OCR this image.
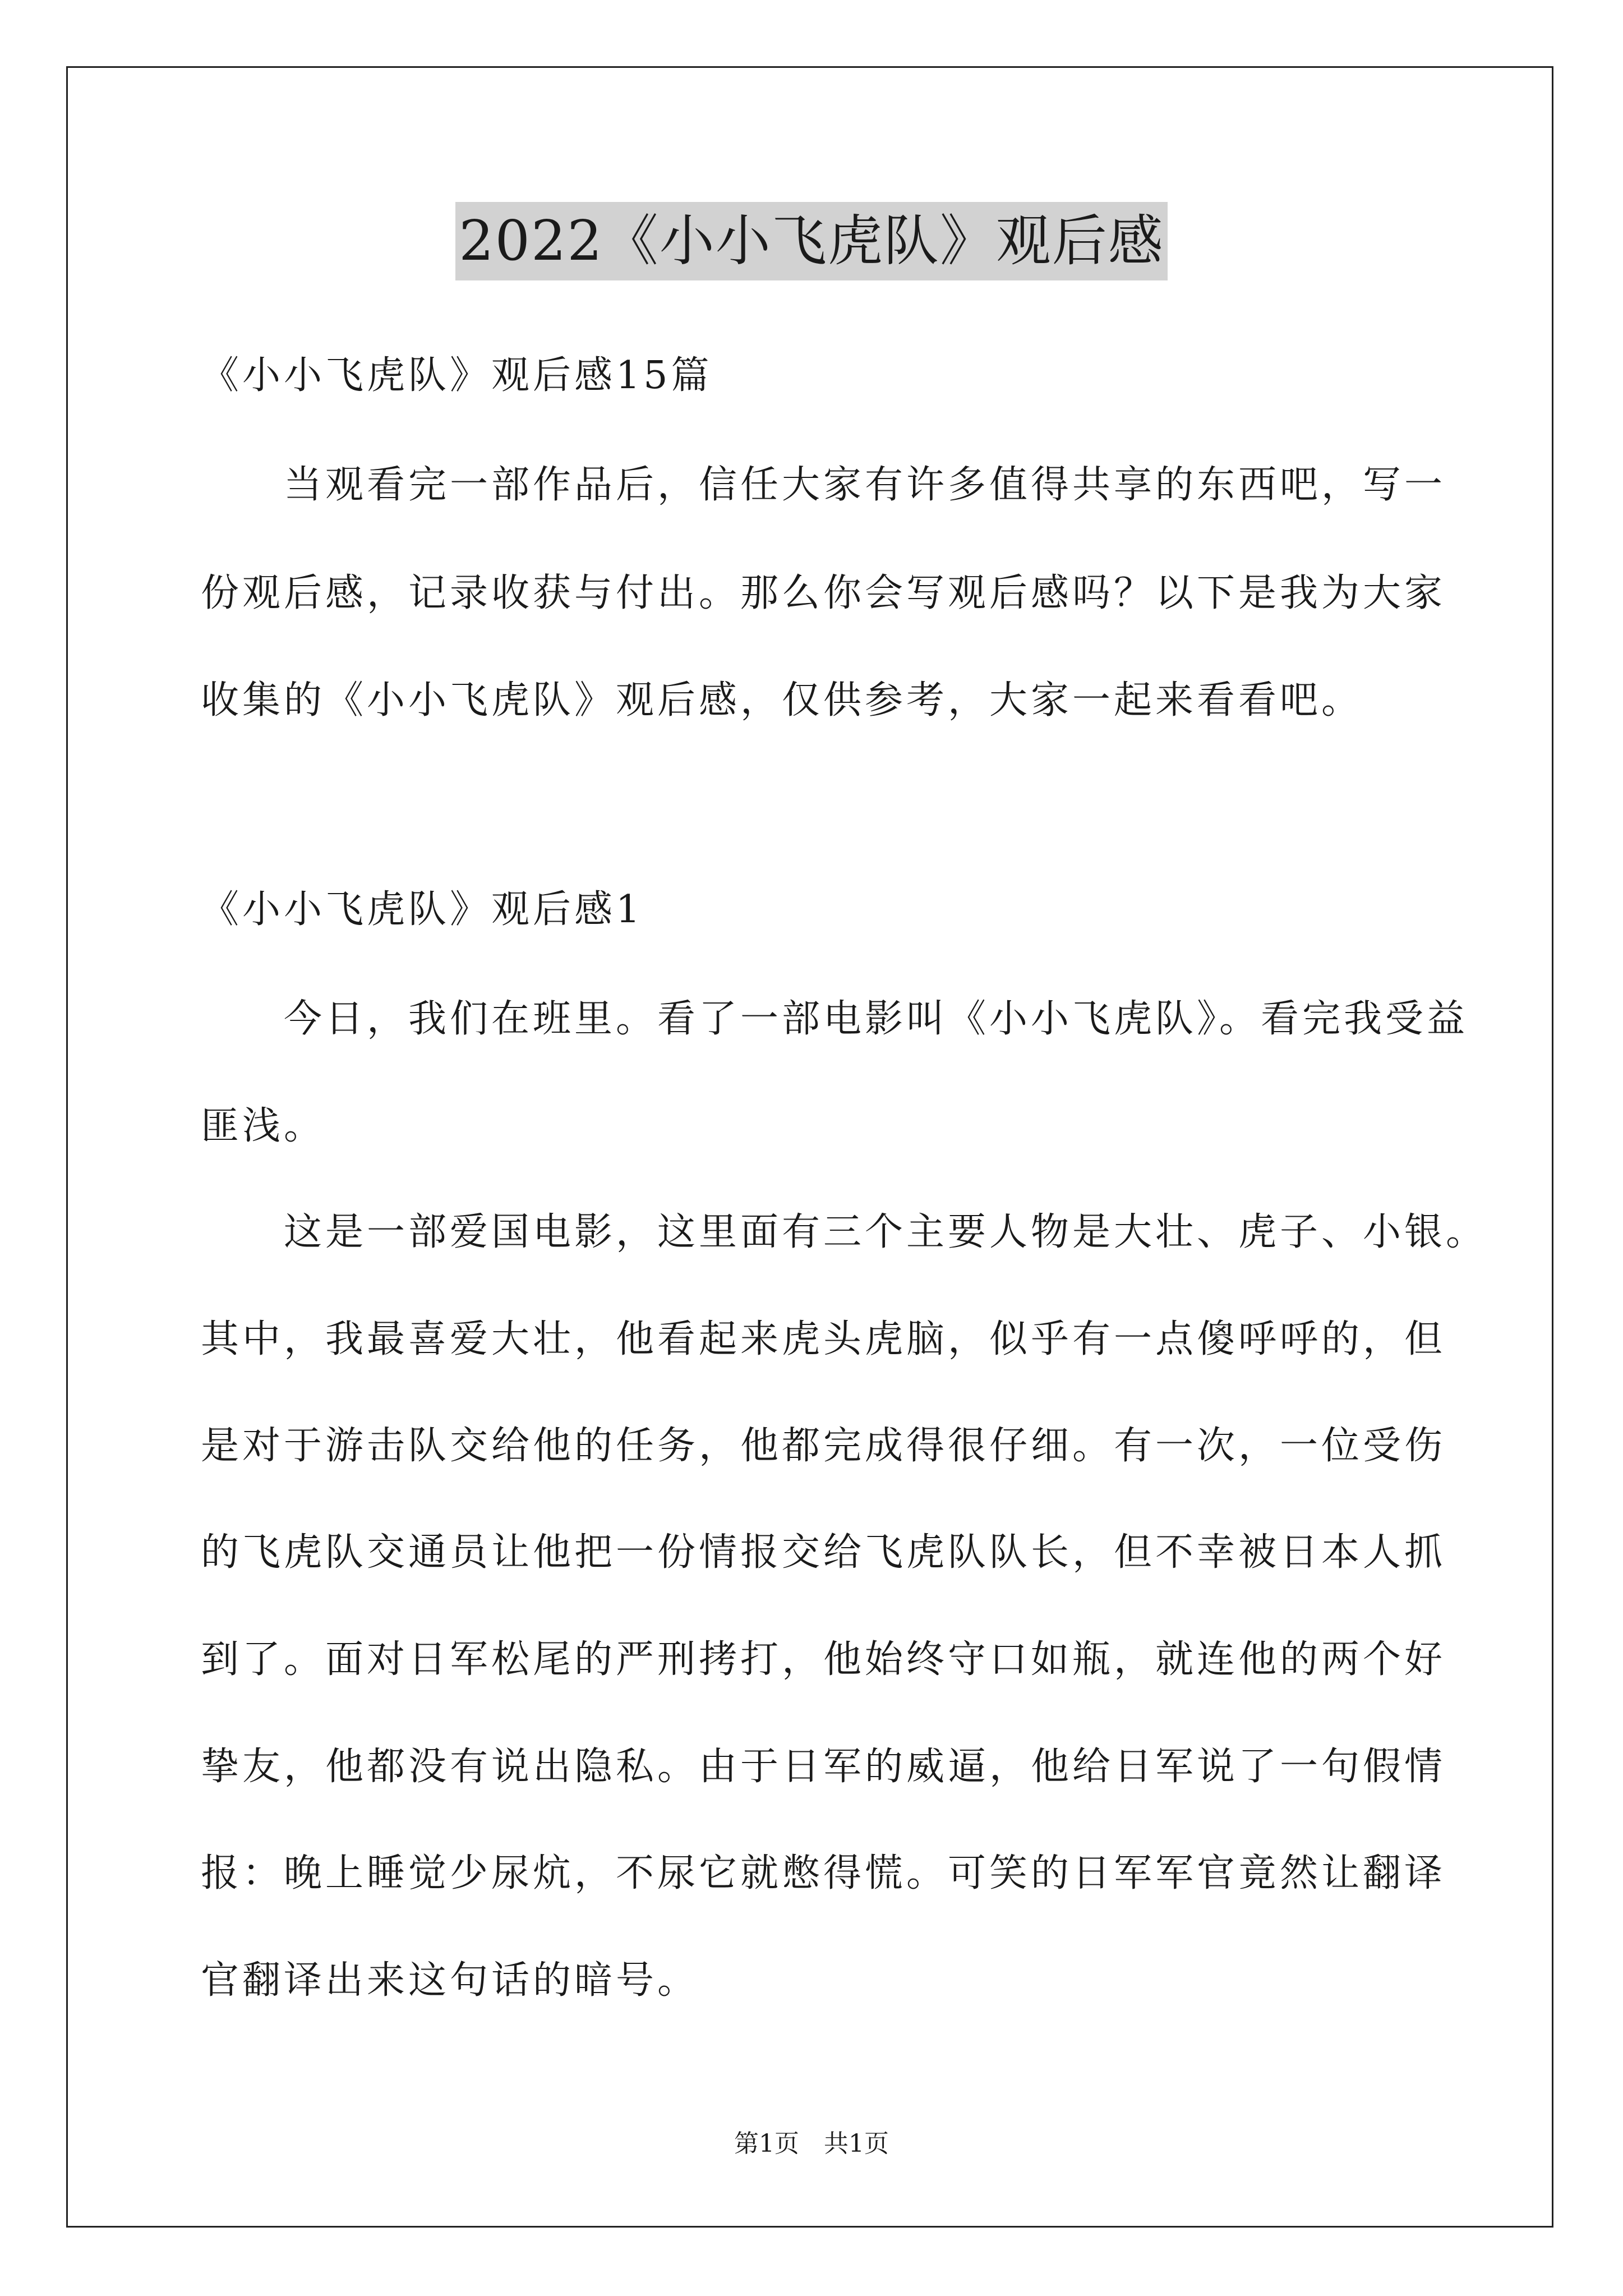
2022《小小飞虎队》观后感
《小小飞虎队》观后感15篇
　　当观看完一部作品后，信任大家有许多值得共享的东西吧，写一
份观后感，记录收获与付出。那么你会写观后感吗？以下是我为大家
收集的《小小飞虎队》观后感，仅供参考，大家一起来看看吧。
《小小飞虎队》观后感1
　　今日，我们在班里。看了一部电影叫《小小飞虎队》。看完我受益
匪浅。
　　这是一部爱国电影，这里面有三个主要人物是大壮、虎子、小银。
其中，我最喜爱大壮，他看起来虎头虎脑，似乎有一点傻呼呼的，但
是对于游击队交给他的任务，他都完成得很仔细。有一次，一位受伤
的飞虎队交通员让他把一份情报交给飞虎队队长，但不幸被日本人抓
到了。面对日军松尾的严刑拷打，他始终守口如瓶，就连他的两个好
挚友，他都没有说出隐私。由于日军的威逼，他给日军说了一句假情
报：晚上睡觉少尿炕，不尿它就憋得慌。可笑的日军军官竟然让翻译
官翻译出来这句话的暗号。
第1页　共1页
